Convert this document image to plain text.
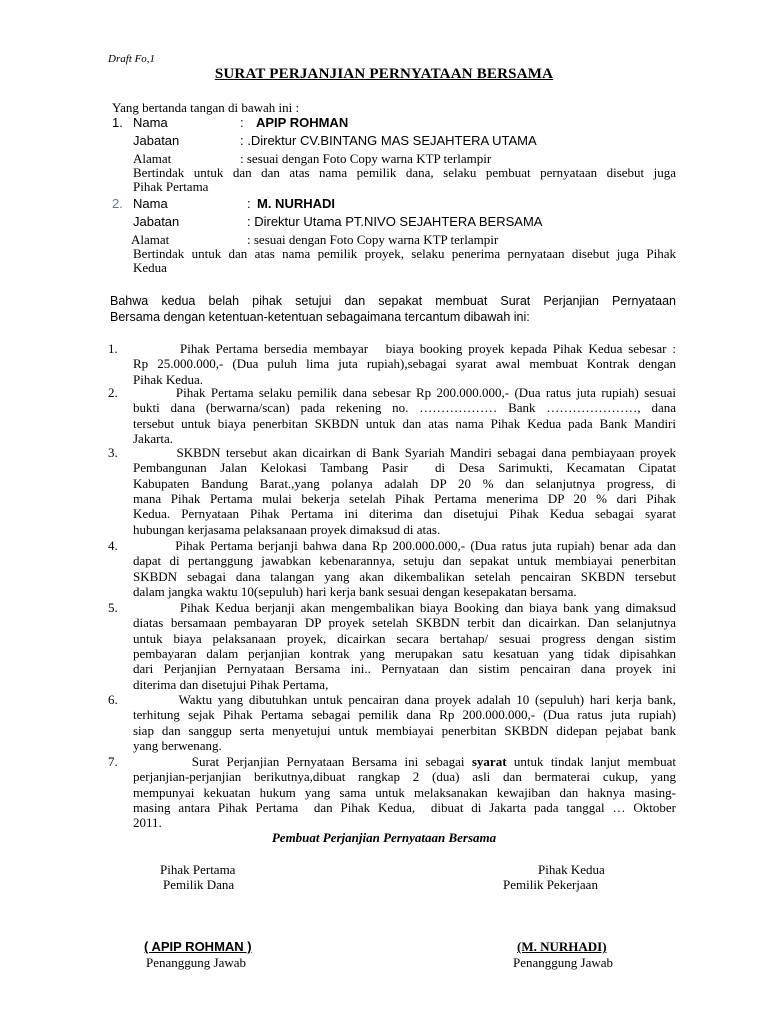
Draft Fo,1
SURAT PERJANJIAN PERNYATAAN BERSAMA
Yang bertanda tangan di bawah ini :
1. Nama	: APIP ROHMAN
Jabatan	: .Direktur CV.BINTANG MAS SEJAHTERA UTAMA
Alamat	: sesuai dengan Foto Copy warna KTP terlampir
Bertindak untuk dan dan atas nama pemilik dana, selaku pembuat pernyataan disebut juga
Pihak Pertama
2. Nama	: M. NURHADI
Jabatan	: Direktur Utama PT.NIVO SEJAHTERA BERSAMA
Alamat	: sesuai dengan Foto Copy warna KTP terlampir
Bertindak untuk dan atas nama pemilik proyek, selaku penerima pernyataan disebut juga Pihak
Kedua
Bahwa kedua belah pihak setujui dan sepakat membuat Surat Perjanjian Pernyataan
Bersama dengan ketentuan-ketentuan sebagaimana tercantum dibawah ini:
1. Pihak Pertama bersedia membayar   biaya booking proyek kepada Pihak Kedua sebesar :
Rp 25.000.000,- (Dua puluh lima juta rupiah),sebagai syarat awal membuat Kontrak dengan
Pihak Kedua.
2. Pihak Pertama selaku pemilik dana sebesar Rp 200.000.000,- (Dua ratus juta rupiah) sesuai
bukti dana (berwarna/scan) pada rekening no. ……………… Bank …………………, dana
tersebut untuk biaya penerbitan SKBDN untuk dan atas nama Pihak Kedua pada Bank Mandiri
Jakarta.
3. SKBDN tersebut akan dicairkan di Bank Syariah Mandiri sebagai dana pembiayaan proyek
Pembangunan Jalan Kelokasi Tambang Pasir  di Desa Sarimukti, Kecamatan Cipatat
Kabupaten Bandung Barat.,yang polanya adalah DP 20 % dan selanjutnya progress, di
mana Pihak Pertama mulai bekerja setelah Pihak Pertama menerima DP 20 % dari Pihak
Kedua. Pernyataan Pihak Pertama ini diterima dan disetujui Pihak Kedua sebagai syarat
hubungan kerjasama pelaksanaan proyek dimaksud di atas.
4. Pihak Pertama berjanji bahwa dana Rp 200.000.000,- (Dua ratus juta rupiah) benar ada dan
dapat di pertanggung jawabkan kebenarannya, setuju dan sepakat untuk membiayai penerbitan
SKBDN sebagai dana talangan yang akan dikembalikan setelah pencairan SKBDN tersebut
dalam jangka waktu 10(sepuluh) hari kerja bank sesuai dengan kesepakatan bersama.
5. Pihak Kedua berjanji akan mengembalikan biaya Booking dan biaya bank yang dimaksud
diatas bersamaan pembayaran DP proyek setelah SKBDN terbit dan dicairkan. Dan selanjutnya
untuk biaya pelaksanaan proyek, dicairkan secara bertahap/ sesuai progress dengan sistim
pembayaran dalam perjanjian kontrak yang merupakan satu kesatuan yang tidak dipisahkan
dari Perjanjian Pernyataan Bersama ini.. Pernyataan dan sistim pencairan dana proyek ini
diterima dan disetujui Pihak Pertama,
6. Waktu yang dibutuhkan untuk pencairan dana proyek adalah 10 (sepuluh) hari kerja bank,
terhitung sejak Pihak Pertama sebagai pemilik dana Rp 200.000.000,- (Dua ratus juta rupiah)
siap dan sanggup serta menyetujui untuk membiayai penerbitan SKBDN didepan pejabat bank
yang berwenang.
7. Surat Perjanjian Pernyataan Bersama ini sebagai syarat untuk tindak lanjut membuat
perjanjian-perjanjian berikutnya,dibuat rangkap 2 (dua) asli dan bermaterai cukup, yang
mempunyai kekuatan hukum yang sama untuk melaksanakan kewajiban dan haknya masing-
masing antara Pihak Pertama  dan Pihak Kedua,  dibuat di Jakarta pada tanggal … Oktober
2011.
Pembuat Perjanjian Pernyataan Bersama
Pihak Pertama
Pemilik Dana
Pihak Kedua
Pemilik Pekerjaan
( APIP ROHMAN )
Penanggung Jawab
(M. NURHADI)
Penanggung Jawab
